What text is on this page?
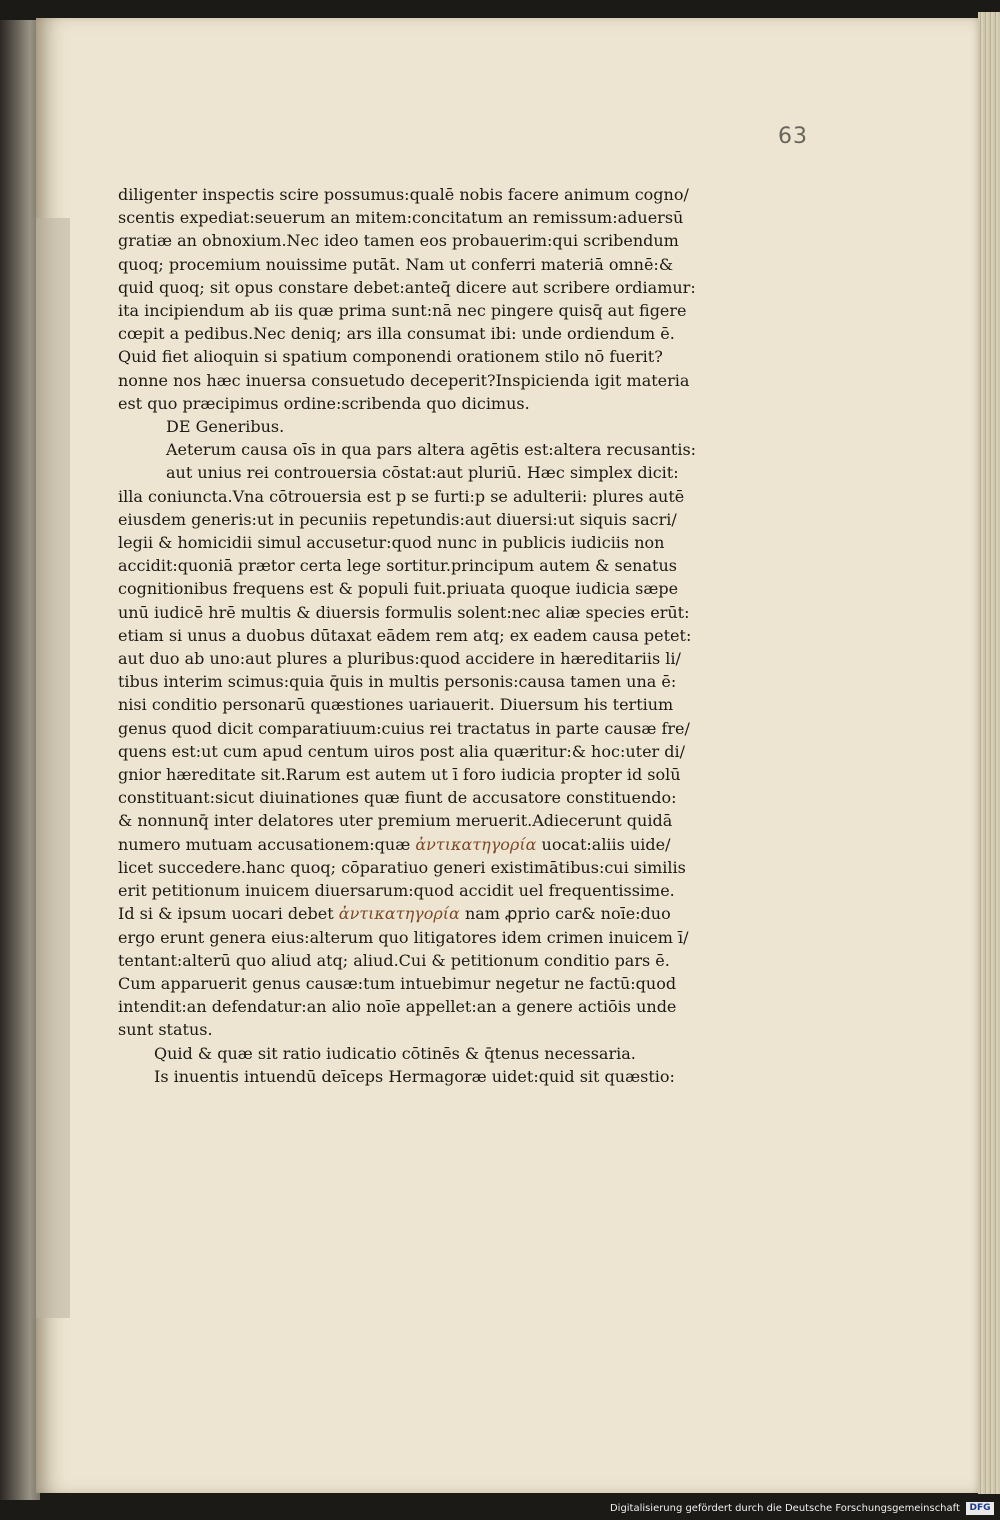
63
diligenter inspectis scire possumus:qualē nobis facere animum cogno/
scentis expediat:seuerum an mitem:concitatum an remissum:aduersū
gratiæ an obnoxium.Nec ideo tamen eos probauerim:qui scribendum
quoq; procemium nouissime putāt. Nam ut conferri materiā omnē:&
quid quoq; sit opus constare debet:anteq̄ dicere aut scribere ordiamur:
ita incipiendum ab iis quæ prima sunt:nā nec pingere quisq̄ aut figere
cœpit a pedibus.Nec deniq; ars illa consumat ibi: unde ordiendum ē.
Quid fiet alioquin si spatium componendi orationem stilo nō fuerit?
nonne nos hæc inuersa consuetudo deceperit?Inspicienda igit materia
est quo præcipimus ordine:scribenda quo dicimus.
DE Generibus.
Aeterum causa oīs in qua pars altera agētis est:altera recusantis:
aut unius rei controuersia cōstat:aut pluriū. Hæc simplex dicit:
illa coniuncta.Vna cōtrouersia est p se furti:p se adulterii: plures autē
eiusdem generis:ut in pecuniis repetundis:aut diuersi:ut siquis sacri/
legii & homicidii simul accusetur:quod nunc in publicis iudiciis non
accidit:quoniā prætor certa lege sortitur.principum autem & senatus
cognitionibus frequens est & populi fuit.priuata quoque iudicia sæpe
unū iudicē hrē multis & diuersis formulis solent:nec aliæ species erūt:
etiam si unus a duobus dūtaxat eādem rem atq; ex eadem causa petet:
aut duo ab uno:aut plures a pluribus:quod accidere in hæreditariis li/
tibus interim scimus:quia q̄uis in multis personis:causa tamen una ē:
nisi conditio personarū quæstiones uariauerit. Diuersum his tertium
genus quod dicit comparatiuum:cuius rei tractatus in parte causæ fre/
quens est:ut cum apud centum uiros post alia quæritur:& hoc:uter di/
gnior hæreditate sit.Rarum est autem ut ī foro iudicia propter id solū
constituant:sicut diuinationes quæ fiunt de accusatore constituendo:
& nonnunq̄ inter delatores uter premium meruerit.Adiecerunt quidā
numero mutuam accusationem:quæ ἀντικατηγορία uocat:aliis uide/
licet succedere.hanc quoq; cōparatiuo generi existimātibus:cui similis
erit petitionum inuicem diuersarum:quod accidit uel frequentissime.
Id si & ipsum uocari debet ἀντικατηγορία nam ꝓprio car& noīe:duo
ergo erunt genera eius:alterum quo litigatores idem crimen inuicem ī/
tentant:alterū quo aliud atq; aliud.Cui & petitionum conditio pars ē.
Cum apparuerit genus causæ:tum intuebimur negetur ne factū:quod
intendit:an defendatur:an alio noīe appellet:an a genere actiōis unde
sunt status.
Quid & quæ sit ratio iudicatio cōtinēs & q̄tenus necessaria.
Is inuentis intuendū deīceps Hermagoræ uidet:quid sit quæstio:
Digitalisierung gefördert durch die Deutsche Forschungsgemeinschaft	DFG
